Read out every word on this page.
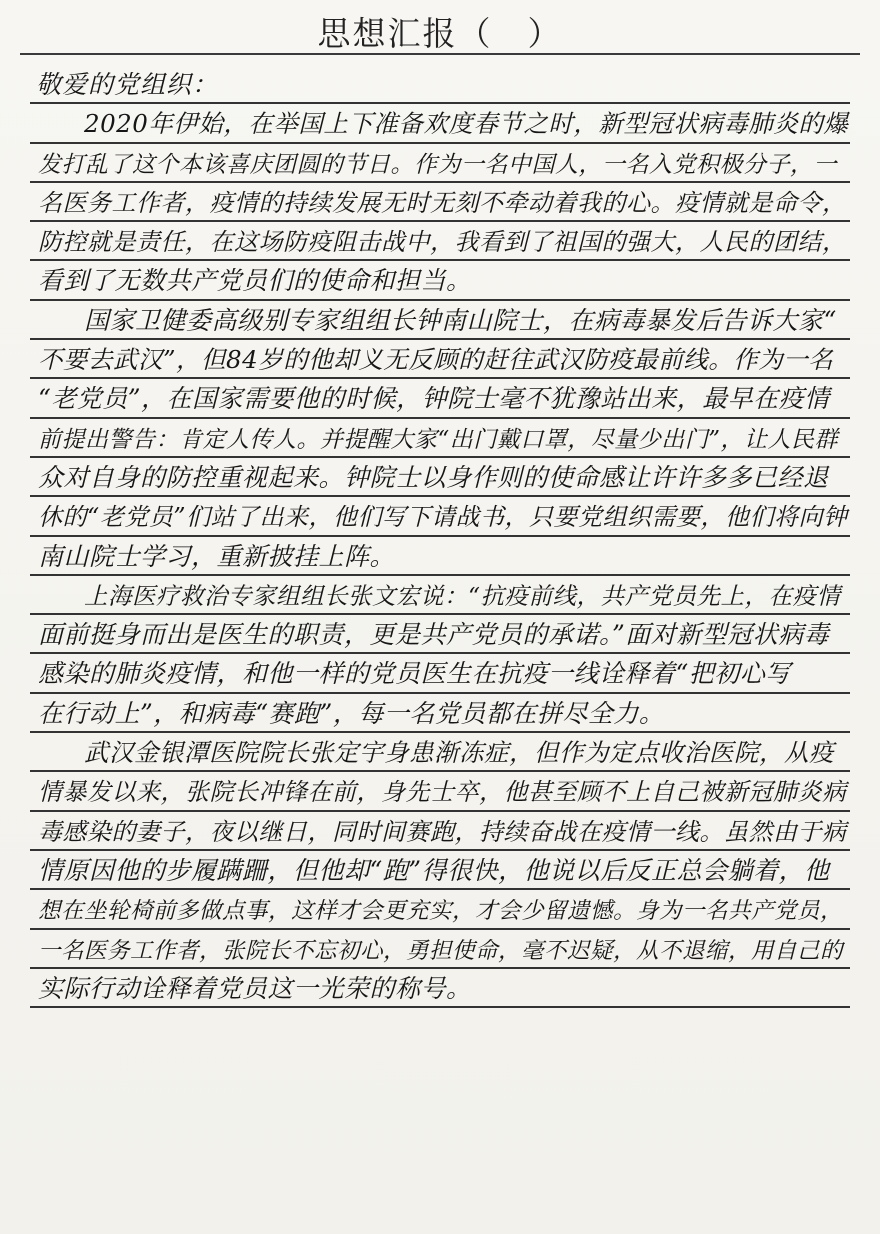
思想汇报（　）
敬爱的党组织：
2020年伊始，在举国上下准备欢度春节之时，新型冠状病毒肺炎的爆
发打乱了这个本该喜庆团圆的节日。作为一名中国人，一名入党积极分子，一
名医务工作者，疫情的持续发展无时无刻不牵动着我的心。疫情就是命令，
防控就是责任，在这场防疫阻击战中，我看到了祖国的强大，人民的团结，
看到了无数共产党员们的使命和担当。
国家卫健委高级别专家组组长钟南山院士，在病毒暴发后告诉大家“
不要去武汉”，但84岁的他却义无反顾的赶往武汉防疫最前线。作为一名
“老党员”，在国家需要他的时候，钟院士毫不犹豫站出来，最早在疫情
前提出警告：肯定人传人。并提醒大家“出门戴口罩，尽量少出门”，让人民群
众对自身的防控重视起来。钟院士以身作则的使命感让许许多多已经退
休的“老党员”们站了出来，他们写下请战书，只要党组织需要，他们将向钟
南山院士学习，重新披挂上阵。
上海医疗救治专家组组长张文宏说：“抗疫前线，共产党员先上，在疫情
面前挺身而出是医生的职责，更是共产党员的承诺。”面对新型冠状病毒
感染的肺炎疫情，和他一样的党员医生在抗疫一线诠释着“把初心写
在行动上”，和病毒“赛跑”，每一名党员都在拼尽全力。
武汉金银潭医院院长张定宇身患渐冻症，但作为定点收治医院，从疫
情暴发以来，张院长冲锋在前，身先士卒，他甚至顾不上自己被新冠肺炎病
毒感染的妻子，夜以继日，同时间赛跑，持续奋战在疫情一线。虽然由于病
情原因他的步履蹒跚，但他却“跑”得很快，他说以后反正总会躺着，他
想在坐轮椅前多做点事，这样才会更充实，才会少留遗憾。身为一名共产党员，
一名医务工作者，张院长不忘初心，勇担使命，毫不迟疑，从不退缩，用自己的
实际行动诠释着党员这一光荣的称号。
